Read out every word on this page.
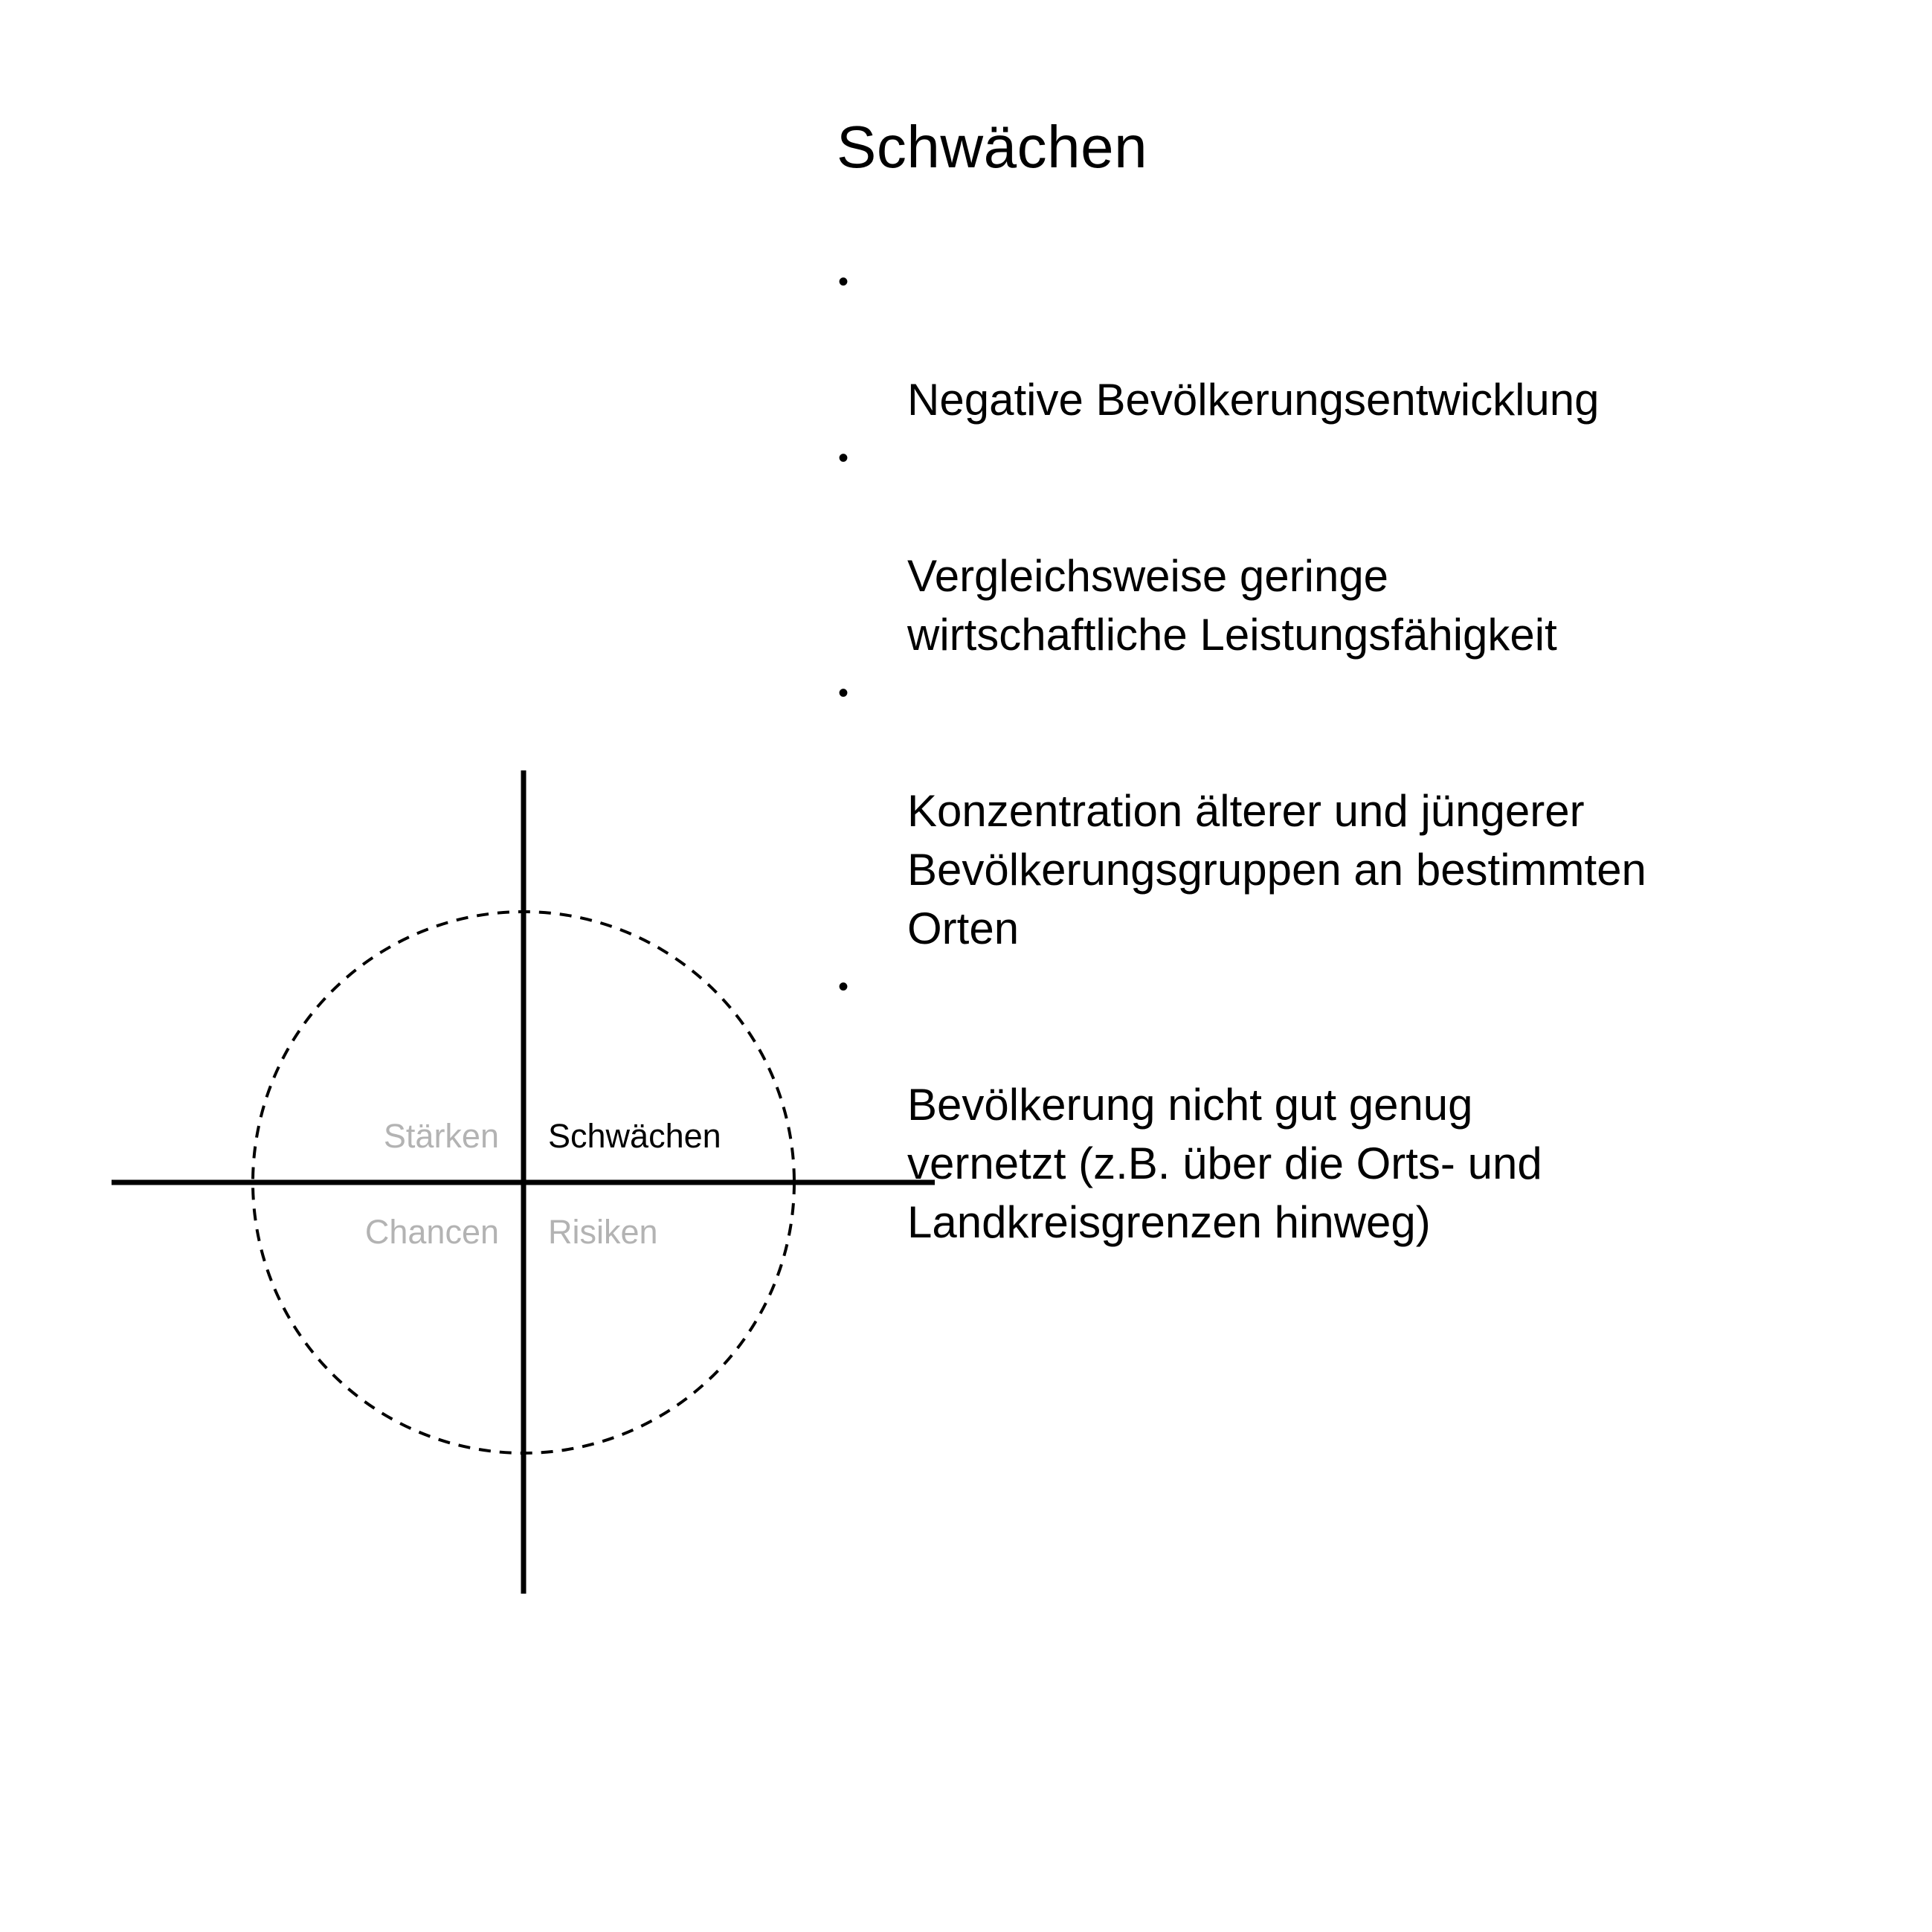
Schwächen

•

Negative Bevölkerungsentwicklung

•

Vergleichsweise geringe
wirtschaftliche Leistungsfähigkeit

•

Konzentration älterer und jüngerer
Bevölkerungsgruppen an bestimmten
Orten

•

Bevölkerung nicht gut genug
vernetzt (z.B. über die Orts- und
Landkreisgrenzen hinweg)

Stärken Schwächen
Chancen Risiken
